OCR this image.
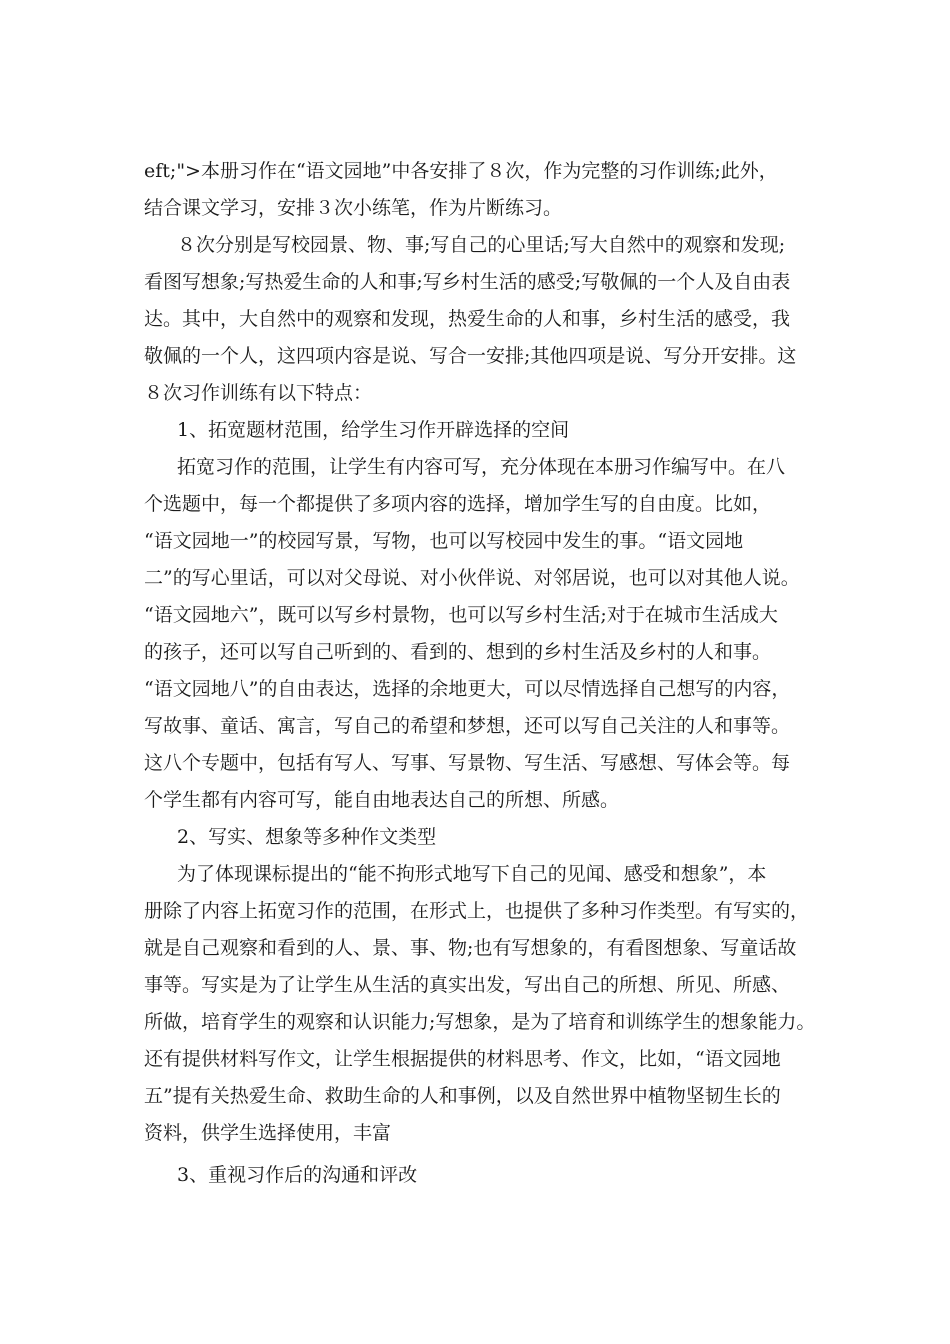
eft;">本册习作在“语文园地”中各安排了８次，作为完整的习作训练;此外，
结合课文学习，安排３次小练笔，作为片断练习。
８次分别是写校园景、物、事;写自己的心里话;写大自然中的观察和发现;
看图写想象;写热爱生命的人和事;写乡村生活的感受;写敬佩的一个人及自由表
达。其中，大自然中的观察和发现，热爱生命的人和事，乡村生活的感受，我
敬佩的一个人，这四项内容是说、写合一安排;其他四项是说、写分开安排。这
８次习作训练有以下特点：
1、拓宽题材范围，给学生习作开辟选择的空间
拓宽习作的范围，让学生有内容可写，充分体现在本册习作编写中。在八
个选题中，每一个都提供了多项内容的选择，增加学生写的自由度。比如，
“语文园地一”的校园写景，写物，也可以写校园中发生的事。“语文园地
二”的写心里话，可以对父母说、对小伙伴说、对邻居说，也可以对其他人说。
“语文园地六”，既可以写乡村景物，也可以写乡村生活;对于在城市生活成大
的孩子，还可以写自己听到的、看到的、想到的乡村生活及乡村的人和事。
“语文园地八”的自由表达，选择的余地更大，可以尽情选择自己想写的内容，
写故事、童话、寓言，写自己的希望和梦想，还可以写自己关注的人和事等。
这八个专题中，包括有写人、写事、写景物、写生活、写感想、写体会等。每
个学生都有内容可写，能自由地表达自己的所想、所感。
2、写实、想象等多种作文类型
为了体现课标提出的“能不拘形式地写下自己的见闻、感受和想象”，本
册除了内容上拓宽习作的范围，在形式上，也提供了多种习作类型。有写实的，
就是自己观察和看到的人、景、事、物;也有写想象的，有看图想象、写童话故
事等。写实是为了让学生从生活的真实出发，写出自己的所想、所见、所感、
所做，培育学生的观察和认识能力;写想象，是为了培育和训练学生的想象能力。
还有提供材料写作文，让学生根据提供的材料思考、作文，比如，“语文园地
五”提有关热爱生命、救助生命的人和事例，以及自然世界中植物坚韧生长的
资料，供学生选择使用，丰富
3、重视习作后的沟通和评改
